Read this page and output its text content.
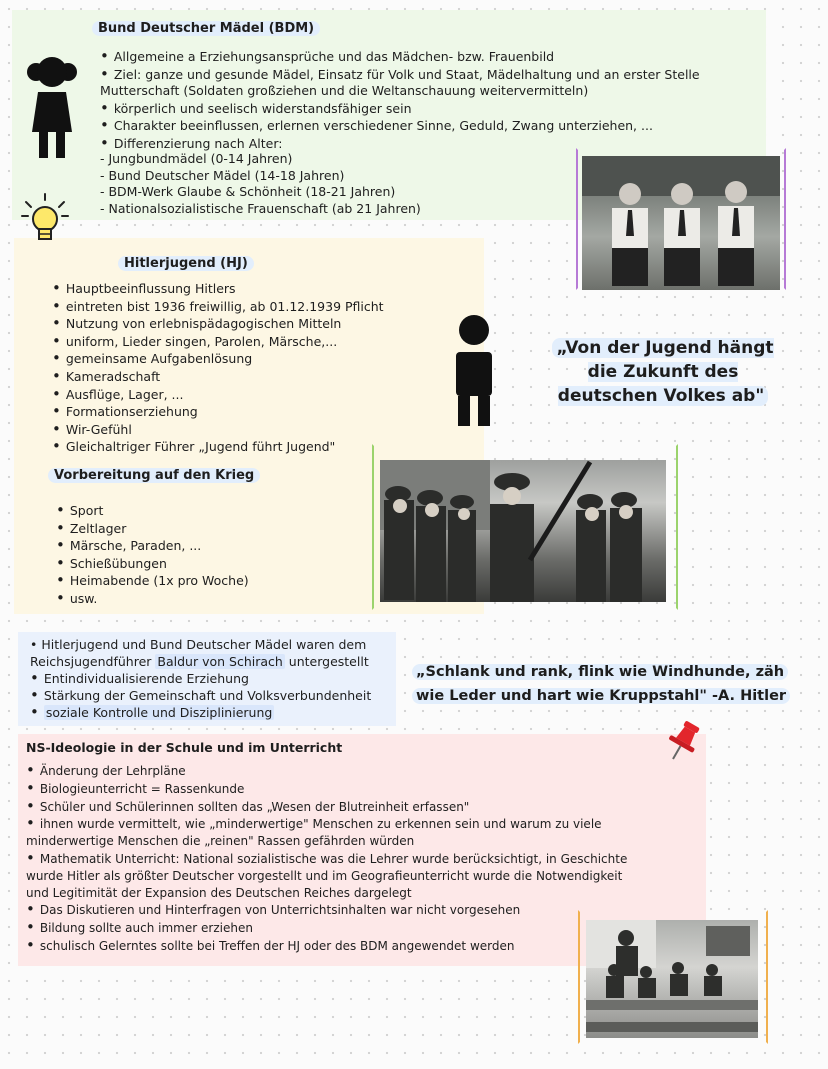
Bund Deutscher Mädel (BDM)
• Allgemeine a Erziehungsansprüche und das Mädchen- bzw. Frauenbild
• Ziel: ganze und gesunde Mädel, Einsatz für Volk und Staat, Mädelhaltung und an erster Stelle Mutterschaft (Soldaten großziehen und die Weltanschauung weitervermitteln)
• körperlich und seelisch widerstandsfähiger sein
• Charakter beeinflussen, erlernen verschiedener Sinne, Geduld, Zwang unterziehen, ...
• Differenzierung nach Alter:
- Jungbundmädel (0-14 Jahren)
- Bund Deutscher Mädel (14-18 Jahren)
- BDM-Werk Glaube & Schönheit (18-21 Jahren)
- Nationalsozialistische Frauenschaft (ab 21 Jahren)
Hitlerjugend (HJ)
• Hauptbeeinflussung Hitlers
• eintreten bist 1936 freiwillig, ab 01.12.1939 Pflicht
• Nutzung von erlebnispädagogischen Mitteln
• uniform, Lieder singen, Parolen, Märsche,...
• gemeinsame Aufgabenlösung
• Kameradschaft
• Ausflüge, Lager, ...
• Formationserziehung
• Wir-Gefühl
• Gleichaltriger Führer „Jugend führt Jugend"
Vorbereitung auf den Krieg
• Sport
• Zeltlager
• Märsche, Paraden, ...
• Schießübungen
• Heimabende (1x pro Woche)
• usw.
„Von der Jugend hängt die Zukunft des deutschen Volkes ab"
• Hitlerjugend und Bund Deutscher Mädel waren dem
Reichsjugendführer Baldur von Schirach untergestellt
• Entindividualisierende Erziehung
• Stärkung der Gemeinschaft und Volksverbundenheit
• soziale Kontrolle und Disziplinierung
„Schlank und rank, flink wie Windhunde, zäh wie Leder und hart wie Kruppstahl" -A. Hitler
NS-Ideologie in der Schule und im Unterricht
• Änderung der Lehrpläne
• Biologieunterricht = Rassenkunde
• Schüler und Schülerinnen sollten das „Wesen der Blutreinheit erfassen"
• ihnen wurde vermittelt, wie „minderwertige" Menschen zu erkennen sein und warum zu viele minderwertige Menschen die „reinen" Rassen gefährden würden
• Mathematik Unterricht: National sozialistische was die Lehrer wurde berücksichtigt, in Geschichte wurde Hitler als größter Deutscher vorgestellt und im Geografieunterricht wurde die Notwendigkeit und Legitimität der Expansion des Deutschen Reiches dargelegt
• Das Diskutieren und Hinterfragen von Unterrichtsinhalten war nicht vorgesehen
• Bildung sollte auch immer erziehen
• schulisch Gelerntes sollte bei Treffen der HJ oder des BDM angewendet werden
